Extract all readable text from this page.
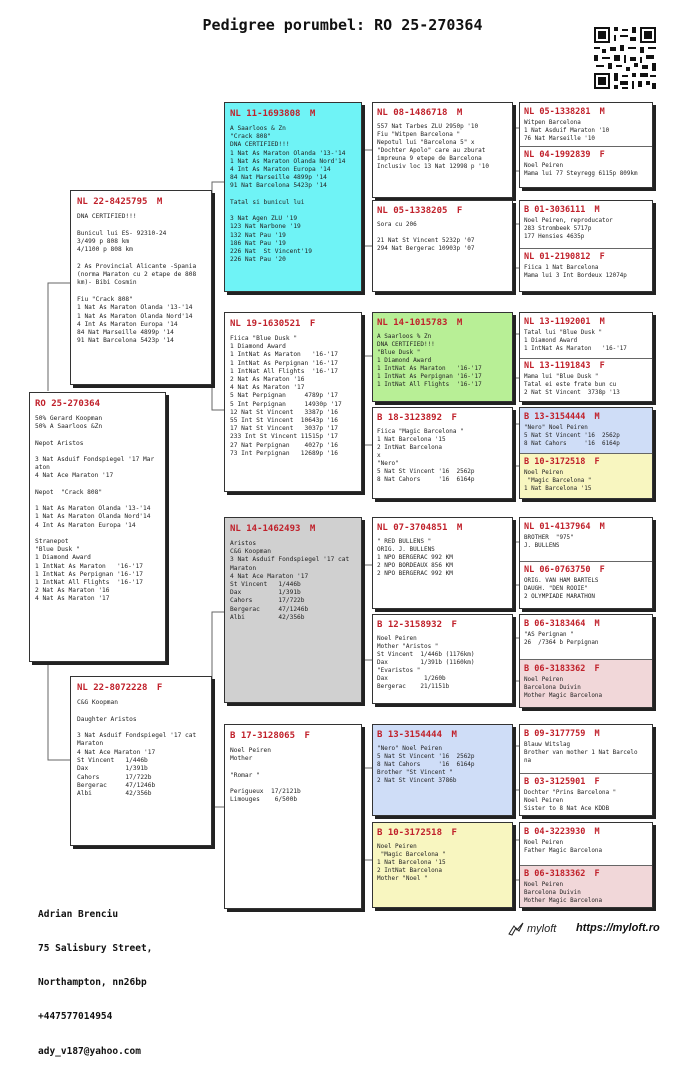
Pedigree porumbel: RO 25-270364
RO 25-270364
50% Gerard Koopman
50% A Saarloos &Zn

Nepot Aristos

3 Nat Asduif Fondspiegel '17 Mar
aton
4 Nat Ace Maraton '17

Nepot  "Crack 808"

1 Nat As Maraton Olanda '13-'14
1 Nat As Maraton Olanda Nord'14
4 Int As Maraton Europa '14

Stranepot
"Blue Dusk "
1 Diamond Award
1 IntNat As Maraton   '16-'17
1 IntNat As Perpignan '16-'17
1 IntNat All Flights  '16-'17
2 Nat As Maraton '16
4 Nat As Maraton '17
NL 22-8425795 M
DNA CERTIFIED!!!

Bunicul lui ES- 92310-24
3/499 p 808 km
4/1100 p 808 km

2 As Provincial Alicante -Spania
(norma Maraton cu 2 etape de 808
km)- Bibi Cosmin

Fiu "Crack 808"
1 Nat As Maraton Olanda '13-'14
1 Nat As Maraton Olanda Nord'14
4 Int As Maraton Europa '14
84 Nat Marseille 4899p '14
91 Nat Barcelona 5423p '14
NL 22-8072228 F
C&G Koopman

Daughter Aristos

3 Nat Asduif Fondspiegel '17 cat
Maraton
4 Nat Ace Maraton '17
St Vincent   1/446b
Dax          1/391b
Cahors       17/722b
Bergerac     47/1246b
Albi         42/356b
NL 11-1693808 M
A Saarloos & Zn
"Crack 808"
DNA CERTIFIED!!!
1 Nat As Maraton Olanda '13-'14
1 Nat As Maraton Olanda Nord'14
4 Int As Maraton Europa '14
84 Nat Marseille 4899p '14
91 Nat Barcelona 5423p '14

Tatal si bunicul lui

3 Nat Agen ZLU '19
123 Nat Narbone '19
132 Nat Pau '19
186 Nat Pau '19
226 Nat  St Vincent'19
226 Nat Pau '20
NL 19-1630521 F
Fiica "Blue Dusk "
1 Diamond Award
1 IntNat As Maraton   '16-'17
1 IntNat As Perpignan '16-'17
1 IntNat All Flights  '16-'17
2 Nat As Maraton '16
4 Nat As Maraton '17
5 Nat Perpignan     4789p '17
5 Int Perpignan     14930p '17
12 Nat St Vincent   3387p '16
55 Int St Vincent  10643p '16
17 Nat St Vincent   3037p '17
233 Int St Vincent 11515p '17
27 Nat Perpignan    4027p '16
73 Int Perpignan   12689p '16
NL 14-1462493 M
Aristos
C&G Koopman
3 Nat Asduif Fondspiegel '17 cat
Maraton
4 Nat Ace Maraton '17
St Vincent   1/446b
Dax          1/391b
Cahors       17/722b
Bergerac     47/1246b
Albi         42/356b
B 17-3128065 F
Noel Peiren
Mother

"Romar "

Perigueux  17/2121b
Limouges    6/500b
NL 08-1486718 M
557 Nat Tarbes ZLU 2950p '10
Fiu "Witpen Barcelona "
Nepotul lui "Barcelona 5" x
"Dochter Apolo" care au zburat
impreuna 9 etepe de Barcelona
Inclusiv loc 13 Nat 12998 p '10
NL 05-1338205 F
Sora cu 206

21 Nat St Vincent 5232p '07
294 Nat Bergerac 10903p '07
NL 14-1015783 M
A Saarloos % Zn
DNA CERTIFIED!!!
"Blue Dusk "
1 Diamond Award
1 IntNat As Maraton   '16-'17
1 IntNat As Perpignan '16-'17
1 IntNat All Flights  '16-'17
B 18-3123892 F
Fiica "Magic Barcelona "
1 Nat Barcelona '15
2 IntNat Barcelona
x
"Nero"
5 Nat St Vincent '16  2562p
8 Nat Cahors     '16  6164p
NL 07-3704851 M
" RED BULLENS "
ORIG. J. BULLENS
1 NPO BERGERAC 992 KM
2 NPO BORDEAUX 856 KM
2 NPO BERGERAC 992 KM
B 12-3158932 F
Noel Peiren
Mother "Aristos "
St Vincent  1/446b (1176km)
Dax         1/391b (1160km)
"Evaristos "
Dax          1/260b
Bergerac    21/1151b
B 13-3154444 M
"Nero" Noel Peiren
5 Nat St Vincent '16  2562p
8 Nat Cahors     '16  6164p
Brother "St Vincent "
2 Nat St Vincent 3786b
B 10-3172518 F
Noel Peiren
"Magic Barcelona "
1 Nat Barcelona '15
2 IntNat Barcelona
Mother "Noel "
NL 05-1338281 M
Witpen Barcelona
1 Nat Asduif Maraton '10
76 Nat Marseille '10
NL 04-1992839 F
Noel Peiren
Mama lui 77 Steyregg 6115p 809km
B 01-3036111 M
Noel Peiren, reproducator
283 Strombeek 5717p
177 Hensies 4635p
NL 01-2190812 F
Fiica 1 Nat Barcelona
Mama lui 3 Int Bordeux 12074p
NL 13-1192001 M
Tatal lui "Blue Dusk "
1 Diamond Award
1 IntNat As Maraton   '16-'17
NL 13-1191843 F
Mama lui "Blue Dusk "
Tatal ei este frate bun cu
2 Nat St Vincent  3738p '13
B 13-3154444 M
"Nero" Noel Peiren
5 Nat St Vincent '16  2562p
8 Nat Cahors     '16  6164p
B 10-3172518 F
Noel Peiren
"Magic Barcelona "
1 Nat Barcelona '15
NL 01-4137964 M
BROTHER  "975"
J. BULLENS
NL 06-0763750 F
ORIG. VAN HAM BARTELS
DAUGH. "DEN ROOIE"
2 OLYMPIADE MARATHON
B 06-3183464 M
"AS Perignan "
26  /7364 b Perpignan
B 06-3183362 F
Noel Peiren
Barcelona Duivin
Mother Magic Barcelona
B 09-3177759 M
Blauw Witslag
Brother van mother 1 Nat Barcelo
na
B 03-3125901 F
Dochter "Prins Barcelona "
Noel Peiren
Sister to 8 Nat Ace KDDB
B 04-3223930 M
Noel Peiren
Father Magic Barcelona
B 06-3183362 F
Noel Peiren
Barcelona Duivin
Mother Magic Barcelona

Adrian Brenciu

75 Salisbury Street,

Northampton, nn26bp

+447577014954

ady_v187@yahoo.com

myloft https://myloft.ro
